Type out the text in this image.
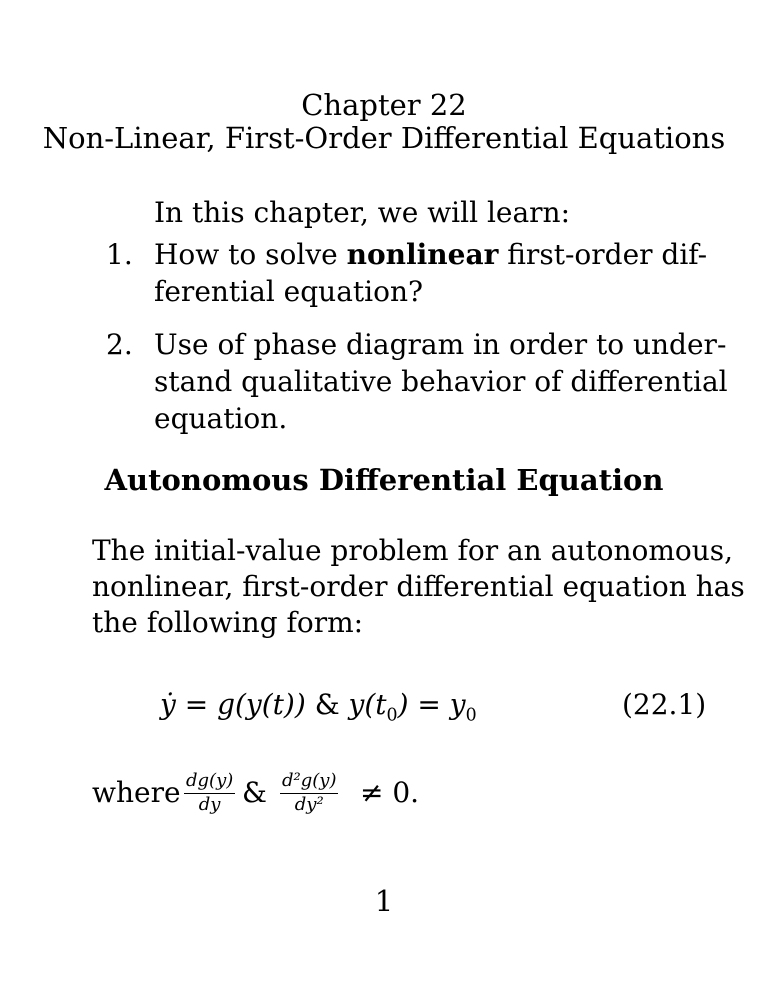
Chapter 22
Non-Linear, First-Order Differential Equations
In this chapter, we will learn:
1. How to solve nonlinear first-order dif-
ferential equation?
2. Use of phase diagram in order to under-
stand qualitative behavior of differential
equation.
Autonomous Differential Equation
The initial-value problem for an autonomous,
nonlinear, first-order differential equation has
the following form:
ẏ = g(y(t)) & $y(t_0) = y_0$	(22.1)
where $\frac{dg(y)}{dy}$ & $\frac{\text{d²g(y)}}{\text{dy²}} \ne 0$.
1
